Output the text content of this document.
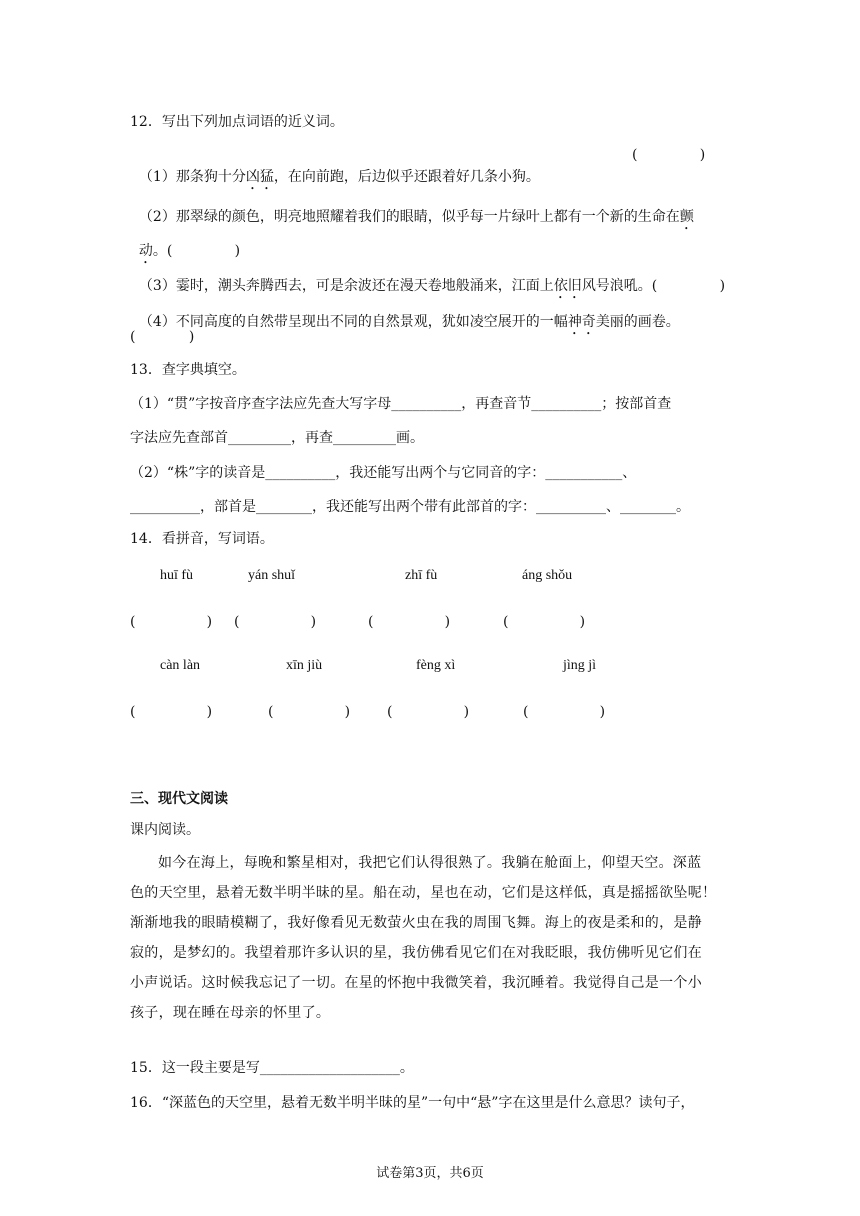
12．写出下列加点词语的近义词。

（1）那条狗十分凶猛，在向前跑，后边似乎还跟着好几条小狗。

(              )

（2）那翠绿的颜色，明亮地照耀着我们的眼睛，似乎每一片绿叶上都有一个新的生命在颤

动。(              )

（3）霎时，潮头奔腾西去，可是余波还在漫天卷地般涌来，江面上依旧风号浪吼。(              )

（4）不同高度的自然带呈现出不同的自然景观，犹如凌空展开的一幅神奇美丽的画卷。

(            )
13．查字典填空。
（1）“贯”字按音序查字法应先查大写字母__________，再查音节__________；按部首查
字法应先查部首_________，再查_________画。
（2）“株”字的读音是__________，我还能写出两个与它同音的字：___________、
__________，部首是________，我还能写出两个带有此部首的字：__________、________。
14．看拼音，写词语。
huī fù	yán shuǐ	zhī fù	áng shǒu
(                ) (                )	(                )	(                )
càn làn	xīn jiù	fèng xì	jìng jì
(                )	(                )	(                )	(                )
三、现代文阅读
课内阅读。
如今在海上，每晚和繁星相对，我把它们认得很熟了。我躺在舱面上，仰望天空。深蓝
色的天空里，悬着无数半明半昧的星。船在动，星也在动，它们是这样低，真是摇摇欲坠呢！
渐渐地我的眼睛模糊了，我好像看见无数萤火虫在我的周围飞舞。海上的夜是柔和的，是静
寂的，是梦幻的。我望着那许多认识的星，我仿佛看见它们在对我眨眼，我仿佛听见它们在
小声说话。这时候我忘记了一切。在星的怀抱中我微笑着，我沉睡着。我觉得自己是一个小
孩子，现在睡在母亲的怀里了。
15．这一段主要是写____________________。
16．“深蓝色的天空里，悬着无数半明半昧的星”一句中“悬”字在这里是什么意思？读句子，
试卷第3页，共6页
